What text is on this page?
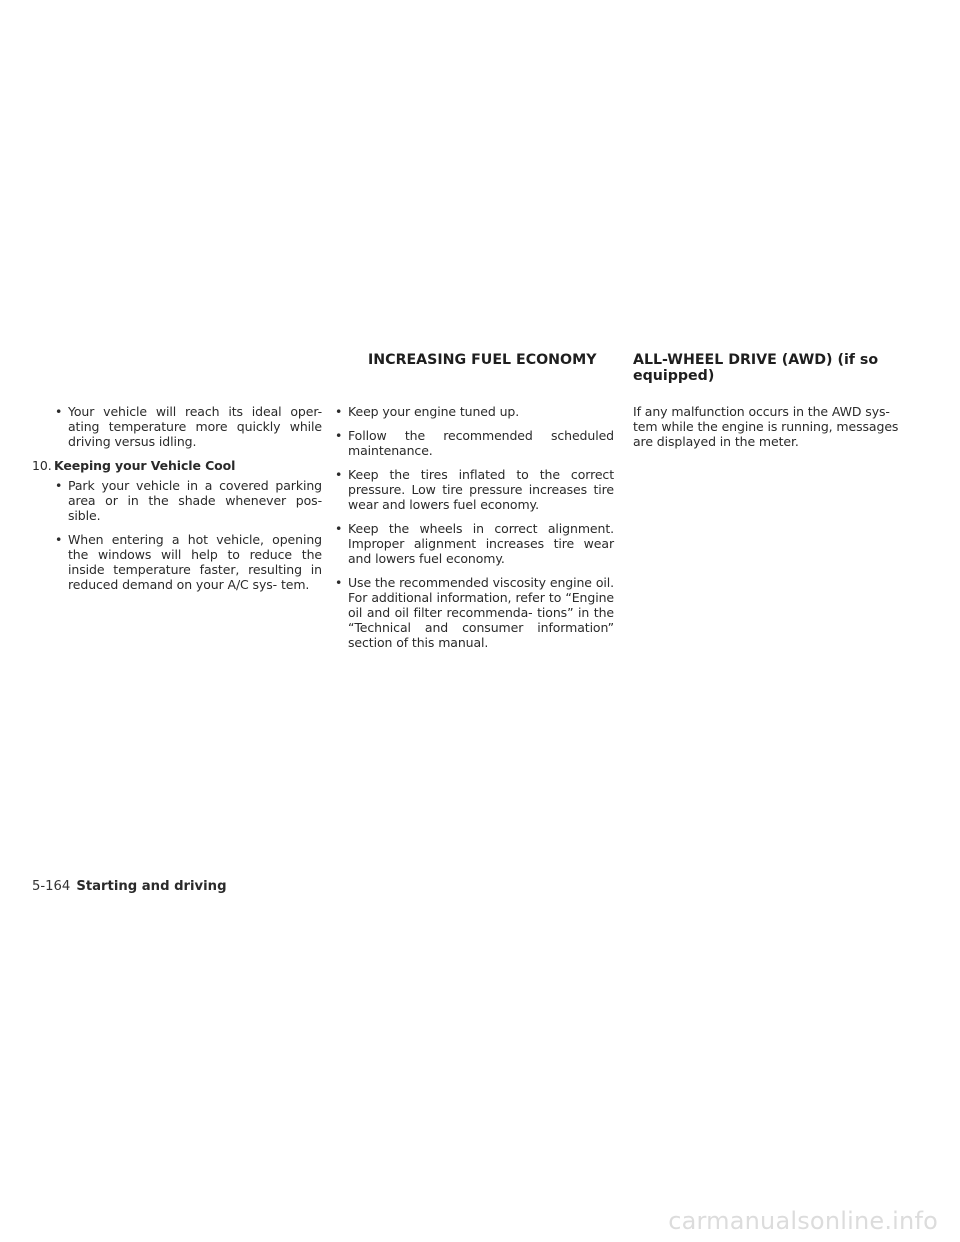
• Your vehicle will reach its ideal oper- ating temperature more quickly while driving versus idling.
10. Keeping your Vehicle Cool
• Park your vehicle in a covered parking area or in the shade whenever pos- sible.
• When entering a hot vehicle, opening the windows will help to reduce the inside temperature faster, resulting in reduced demand on your A/C sys- tem.
INCREASING FUEL ECONOMY
• Keep your engine tuned up.
• Follow the recommended scheduled maintenance.
• Keep the tires inflated to the correct pressure. Low tire pressure increases tire wear and lowers fuel economy.
• Keep the wheels in correct alignment. Improper alignment increases tire wear and lowers fuel economy.
• Use the recommended viscosity engine oil. For additional information, refer to “Engine oil and oil filter recommenda- tions” in the “Technical and consumer information” section of this manual.
ALL-WHEEL DRIVE (AWD) (if so equipped)
If any malfunction occurs in the AWD sys- tem while the engine is running, messages are displayed in the meter.
5-164 Starting and driving
carmanualsonline.info
